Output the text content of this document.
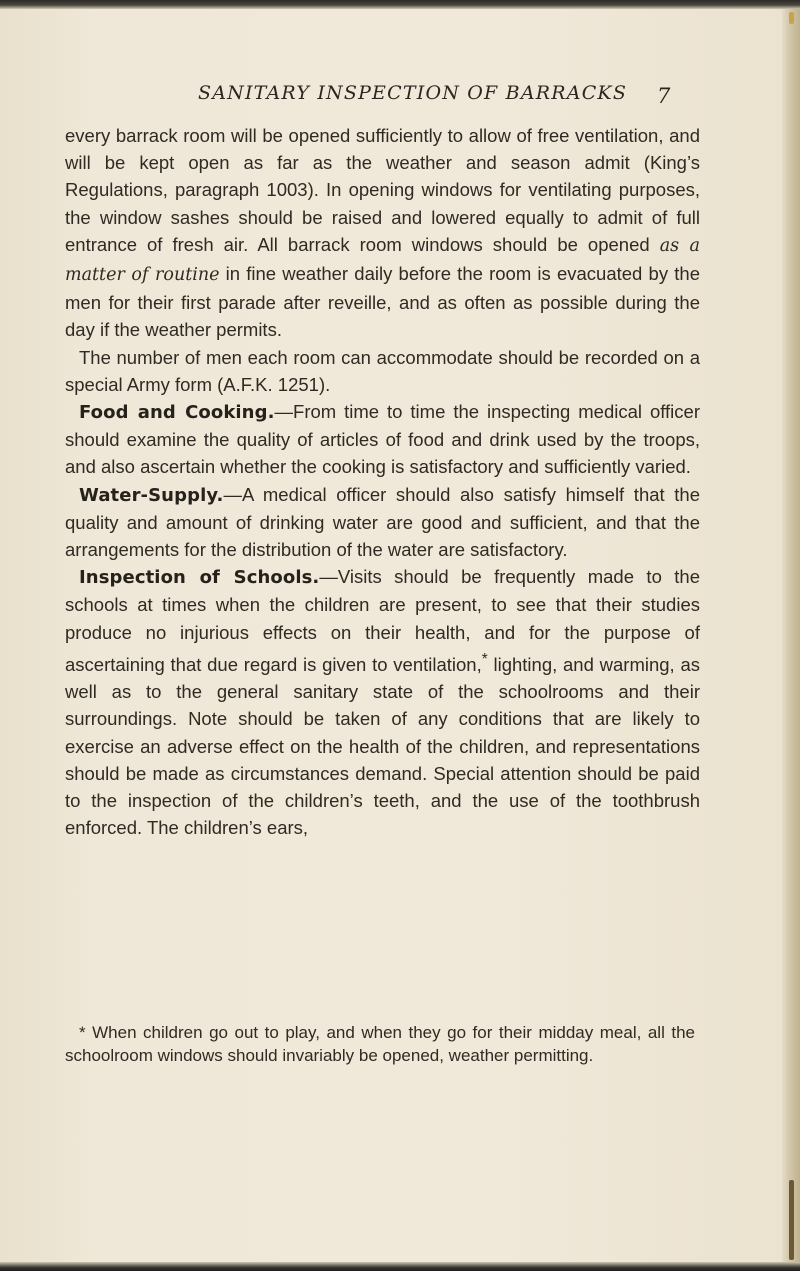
SANITARY INSPECTION OF BARRACKS	7

every barrack room will be opened sufficiently to allow of free ventilation, and will be kept open as far as the weather and season admit (King’s Regulations, paragraph 1003). In opening windows for ventilating purposes, the window sashes should be raised and lowered equally to admit of full entrance of fresh air. All barrack room windows should be opened as a matter of routine in fine weather daily before the room is evacuated by the men for their first parade after reveille, and as often as possible during the day if the weather permits.

The number of men each room can accommodate should be recorded on a special Army form (A.F.K. 1251).

Food and Cooking.—From time to time the inspecting medical officer should examine the quality of articles of food and drink used by the troops, and also ascertain whether the cooking is satisfactory and sufficiently varied.

Water-Supply.—A medical officer should also satisfy himself that the quality and amount of drinking water are good and sufficient, and that the arrangements for the distribution of the water are satisfactory.

Inspection of Schools.—Visits should be frequently made to the schools at times when the children are present, to see that their studies produce no injurious effects on their health, and for the purpose of ascertaining that due regard is given to ventilation,* lighting, and warming, as well as to the general sanitary state of the schoolrooms and their surroundings. Note should be taken of any conditions that are likely to exercise an adverse effect on the health of the children, and representations should be made as circumstances demand. Special attention should be paid to the inspection of the children’s teeth, and the use of the toothbrush enforced. The children’s ears,

* When children go out to play, and when they go for their midday meal, all the schoolroom windows should invariably be opened, weather permitting.
